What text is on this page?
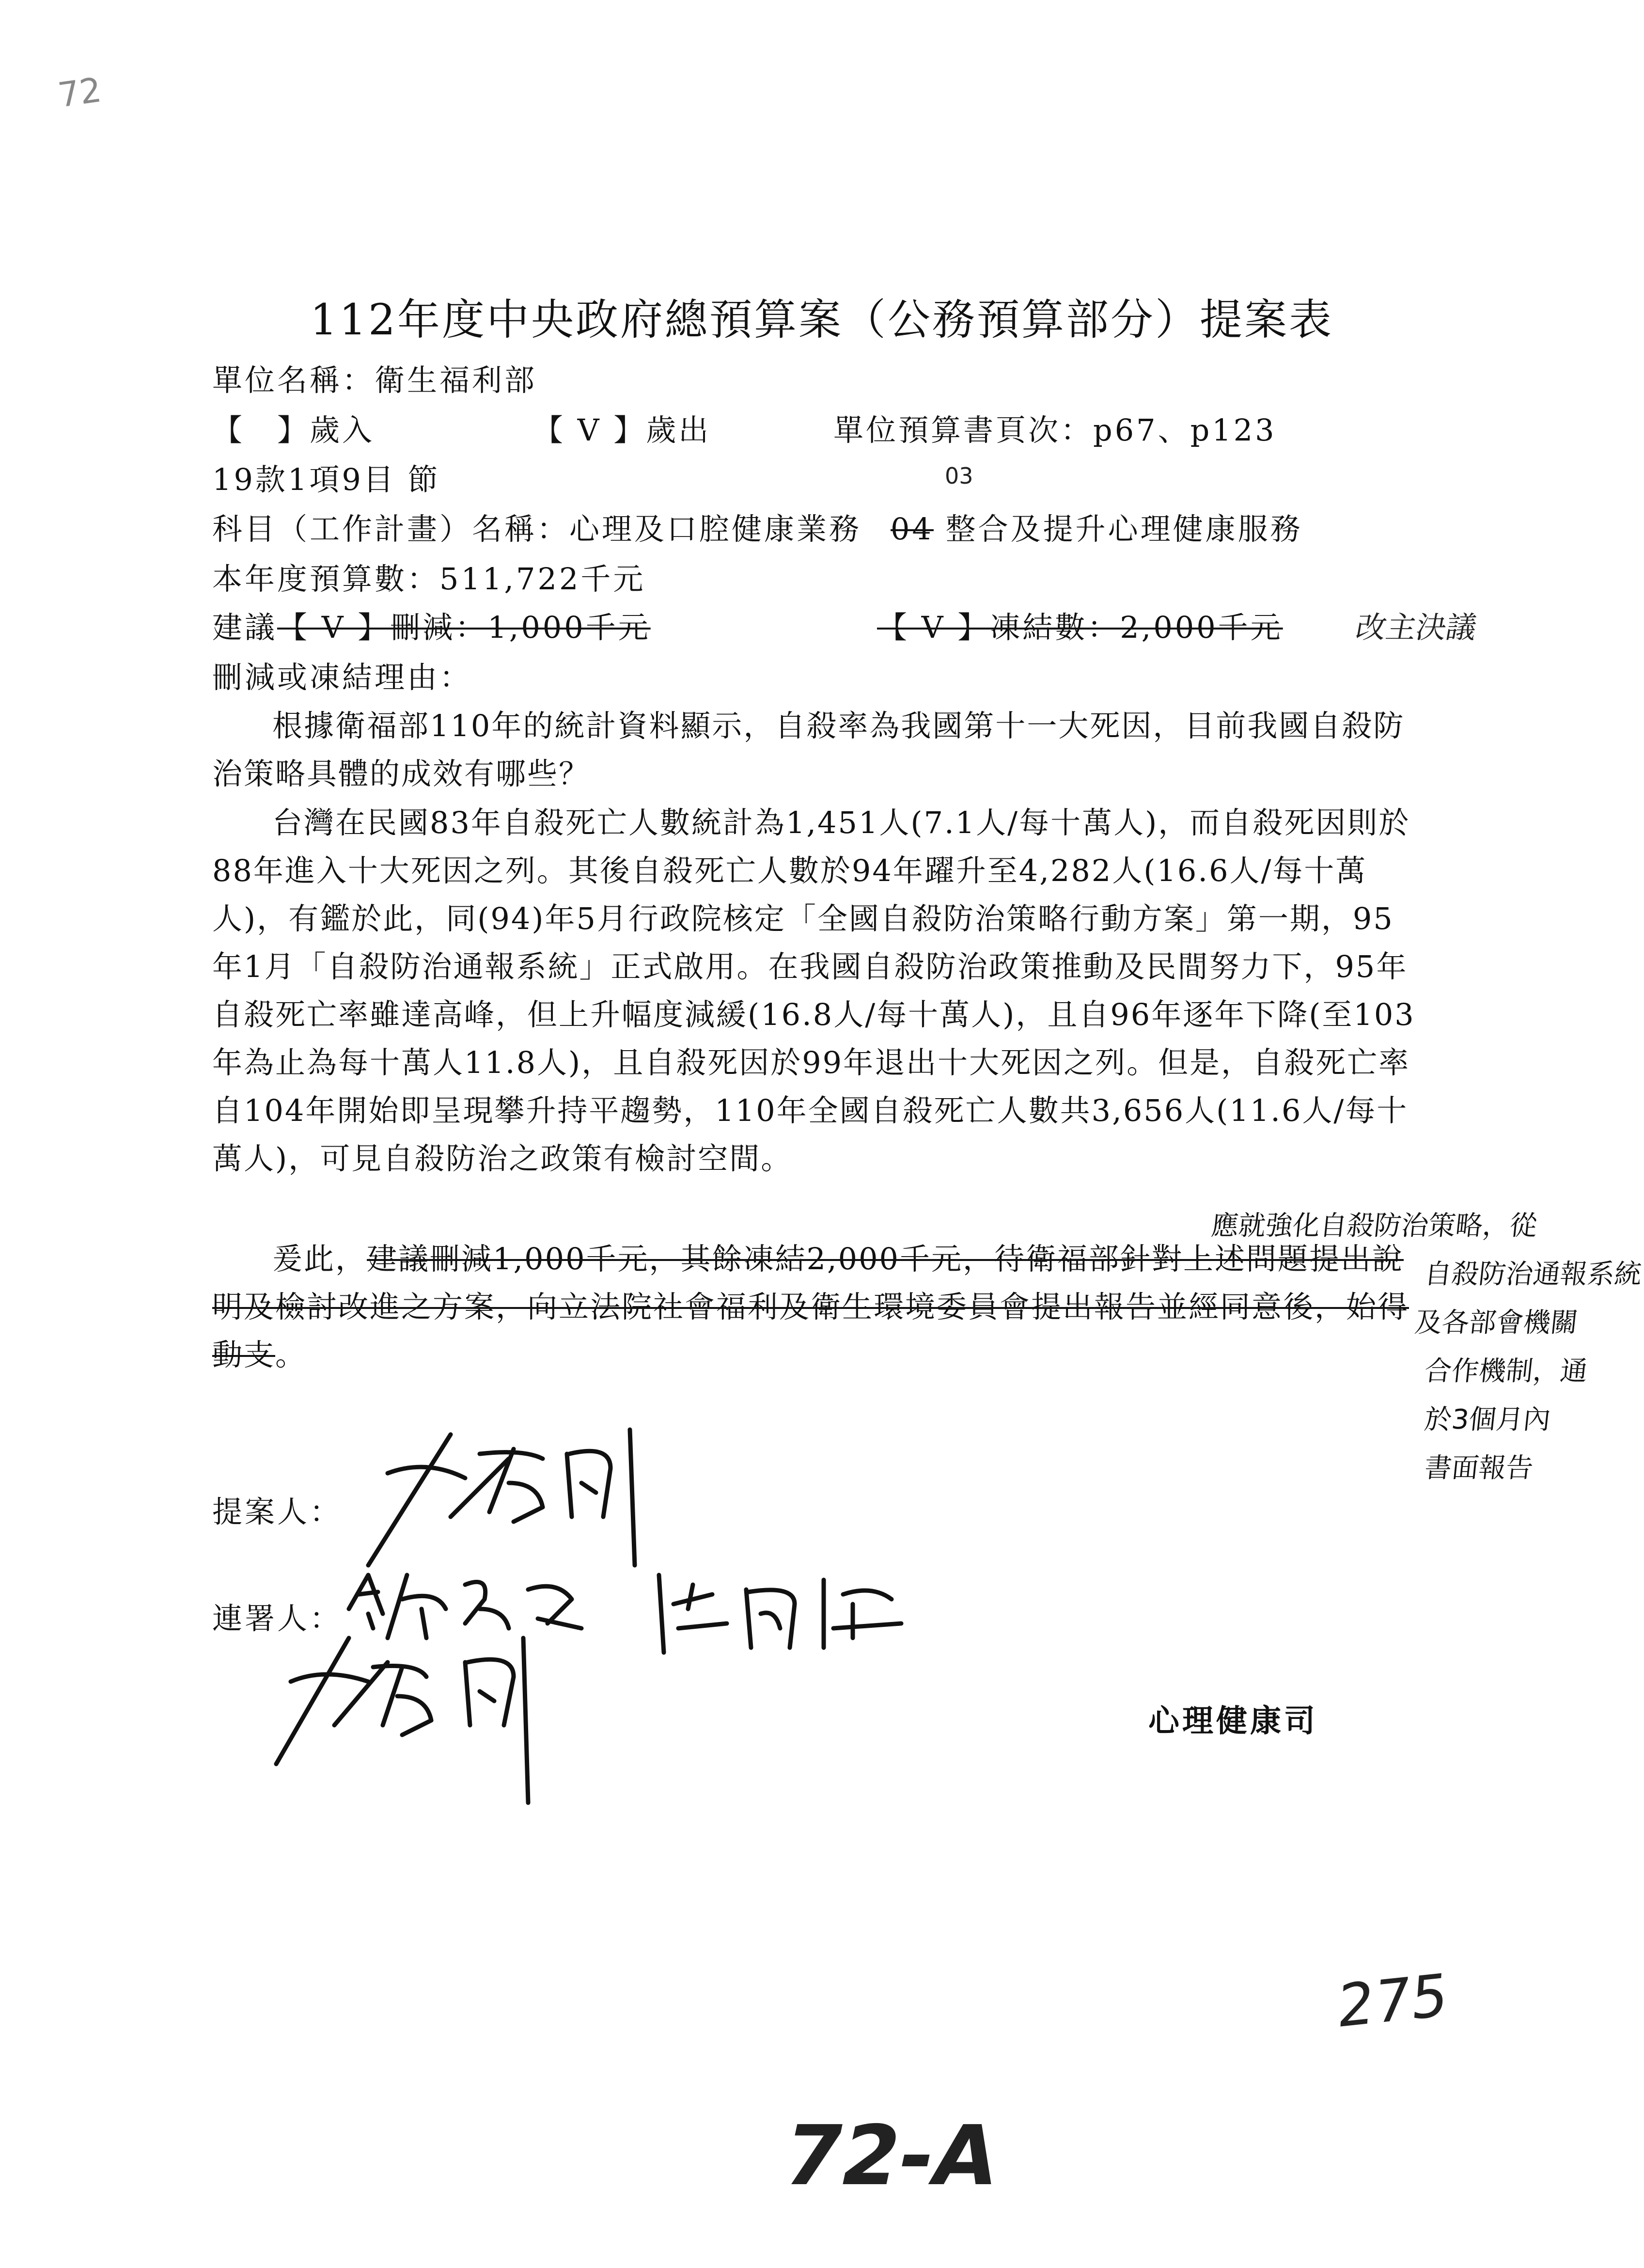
72
112年度中央政府總預算案（公務預算部分）提案表
單位名稱：衛生福利部
【　】歲入	【 V 】歲出	單位預算書頁次：p67、p123
19款1項9目 節
科目（工作計畫）名稱：心理及口腔健康業務 04 整合及提升心理健康服務
03
本年度預算數：511,722千元
建議【 V 】刪減：1,000千元	【 V 】凍結數：2,000千元 改主決議
刪減或凍結理由：
根據衛福部110年的統計資料顯示，自殺率為我國第十一大死因，目前我國自殺防治策略具體的成效有哪些？
台灣在民國83年自殺死亡人數統計為1,451人(7.1人/每十萬人)，而自殺死因則於88年進入十大死因之列。其後自殺死亡人數於94年躍升至4,282人(16.6人/每十萬人)，有鑑於此，同(94)年5月行政院核定「全國自殺防治策略行動方案」第一期，95年1月「自殺防治通報系統」正式啟用。在我國自殺防治政策推動及民間努力下，95年自殺死亡率雖達高峰，但上升幅度減緩(16.8人/每十萬人)，且自96年逐年下降(至103年為止為每十萬人11.8人)，且自殺死因於99年退出十大死因之列。但是，自殺死亡率自104年開始即呈現攀升持平趨勢，110年全國自殺死亡人數共3,656人(11.6人/每十萬人)，可見自殺防治之政策有檢討空間。
爰此，建議刪減1,000千元，其餘凍結2,000千元，待衛福部針對上述問題提出說明及檢討改進之方案，向立法院社會福利及衛生環境委員會提出報告並經同意後，始得動支。
應就強化自殺防治策略，從
自殺防治通報系統
及各部會機關
合作機制，通
於3個月內
書面報告
提案人：
連署人：
心理健康司
275
72-A
